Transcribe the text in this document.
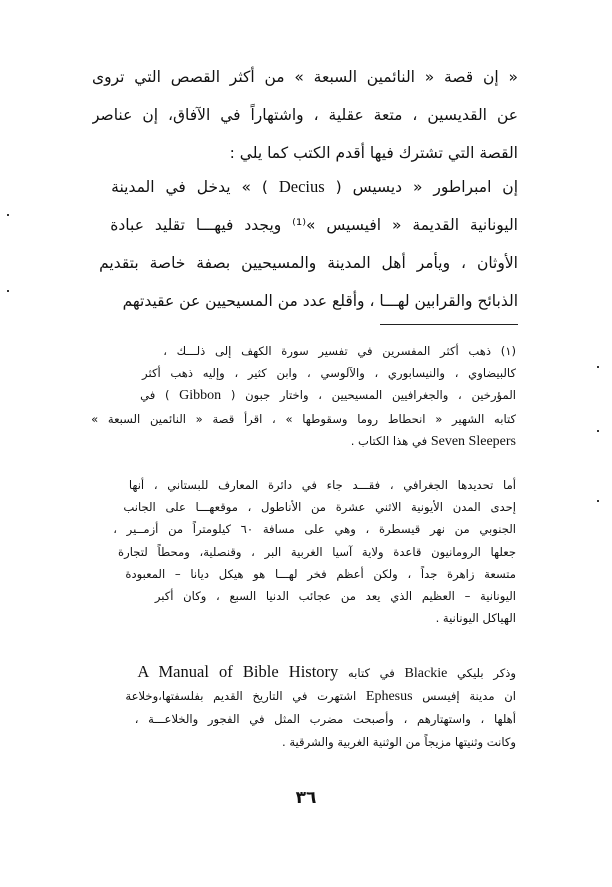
« إن قصة « النائمين السبعة » من أكثر القصص التي تروى
عن القديسين ، متعة عقلية ، واشتهاراً في الآفاق، إن عناصر
القصة التي تشترك فيها أقدم الكتب كما يلي :
إن امبراطور « ديسيس ( Decius ) » يدخل في المدينة
اليونانية القديمة « افيسيس »⁽¹⁾ ويجدد فيهـــا تقليد عبادة
الأوثان ، ويأمر أهل المدينة والمسيحيين بصفة خاصة بتقديم
الذبائح والقرابين لهـــا ، وأقلع عدد من المسيحيين عن عقيدتهم
(١) ذهب أكثر المفسرين في تفسير سورة الكهف إلى ذلـــك ،
كالبيضاوي ، والنيسابوري ، والآلوسي ، وابن كثير ، وإليه ذهب أكثر
المؤرخين ، والجغرافيين المسيحيين ، واختار جبون ( Gibbon ) في
كتابه الشهير « انحطاط روما وسقوطها » ، اقرأ قصة « النائمين السبعة »
Seven Sleepers في هذا الكتاب .
أما تحديدها الجغرافي ، فقـــد جاء في دائرة المعارف للبستاني ، أنها
إحدى المدن الأيونية الاثني عشرة من الأناطول ، موقعهـــا على الجانب
الجنوبي من نهر قيسطرة ، وهي على مسافة ٦٠ كيلومتراً من أزمــير ،
جعلها الرومانيون قاعدة ولاية آسيا الغربية البر ، وقنصلية، ومحطاً لتجارة
متسعة زاهرة جداً ، ولكن أعظم فخر لهـــا هو هيكل ديانا – المعبودة
اليونانية – العظيم الذي يعد من عجائب الدنيا السبع ، وكان أكبر
الهياكل اليونانية .
وذكر بليكي Blackie في كتابه A Manual of Bible History
ان مدينة إفيسس Ephesus اشتهرت في التاريخ القديم بفلسفتها،وخلاعة
أهلها ، واستهتارهم ، وأصبحت مضرب المثل في الفجور والخلاعـــة ،
وكانت وثنيتها مزيجاً من الوثنية الغربية والشرقية .
٣٦
